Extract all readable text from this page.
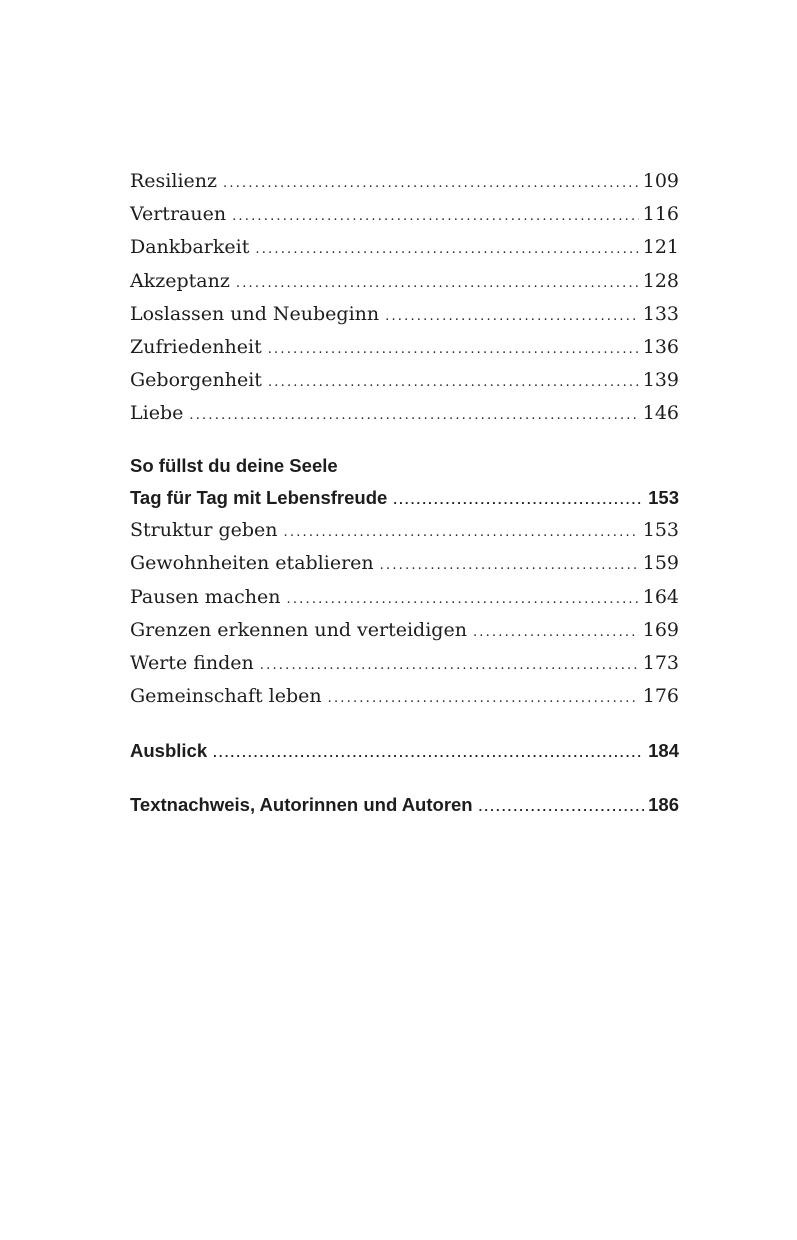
Resilienz .....	109
Vertrauen .....	116
Dankbarkeit .....	121
Akzeptanz .....	128
Loslassen und Neubeginn .....	133
Zufriedenheit .....	136
Geborgenheit .....	139
Liebe .....	146
So füllst du deine Seele
Tag für Tag mit Lebensfreude .....	153
Struktur geben .....	153
Gewohnheiten etablieren .....	159
Pausen machen .....	164
Grenzen erkennen und verteidigen .....	169
Werte finden .....	173
Gemeinschaft leben .....	176
Ausblick .....	184
Textnachweis, Autorinnen und Autoren .....	186
